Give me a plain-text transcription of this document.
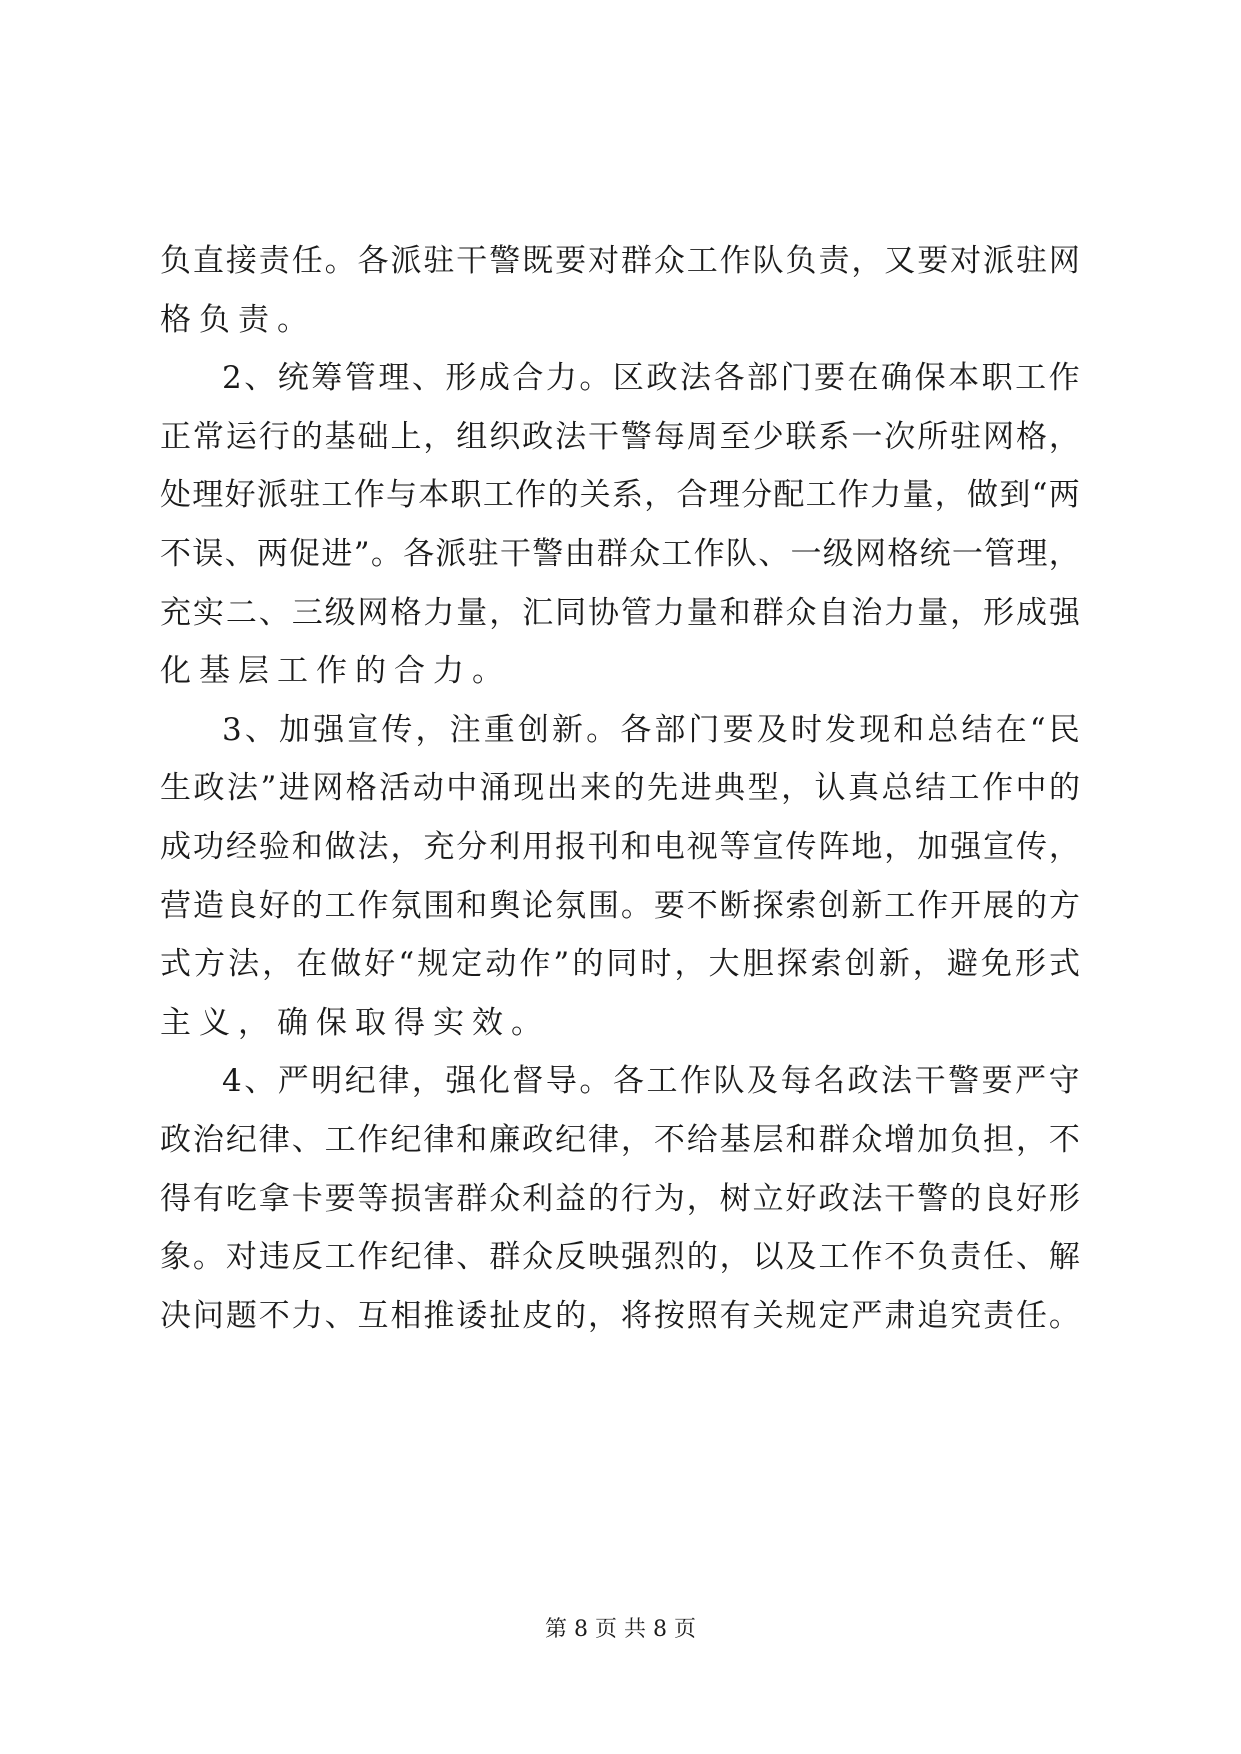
负 直 接 责 任 。 各 派 驻 干 警 既 要 对 群 众 工 作 队 负 责 ， 又 要 对 派 驻 网
格负责。
2 、 统 筹 管 理 、 形 成 合 力 。 区 政 法 各 部 门 要 在 确 保 本 职 工 作
正 常 运 行 的 基 础 上 ， 组 织 政 法 干 警 每 周 至 少 联 系 一 次 所 驻 网 格 ，
处 理 好 派 驻 工 作 与 本 职 工 作 的 关 系 ， 合 理 分 配 工 作 力 量 ， 做 到 “ 两
不 误 、 两 促 进 ” 。 各 派 驻 干 警 由 群 众 工 作 队 、 一 级 网 格 统 一 管 理 ，
充 实 二 、 三 级 网 格 力 量 ， 汇 同 协 管 力 量 和 群 众 自 治 力 量 ， 形 成 强
化基层工作的合力。
3 、 加 强 宣 传 ， 注 重 创 新 。 各 部 门 要 及 时 发 现 和 总 结 在 “ 民
生 政 法 ” 进 网 格 活 动 中 涌 现 出 来 的 先 进 典 型 ， 认 真 总 结 工 作 中 的
成 功 经 验 和 做 法 ， 充 分 利 用 报 刊 和 电 视 等 宣 传 阵 地 ， 加 强 宣 传 ，
营 造 良 好 的 工 作 氛 围 和 舆 论 氛 围 。 要 不 断 探 索 创 新 工 作 开 展 的 方
式 方 法 ， 在 做 好 “ 规 定 动 作 ” 的 同 时 ， 大 胆 探 索 创 新 ， 避 免 形 式
主义，确保取得实效。
4 、 严 明 纪 律 ， 强 化 督 导 。 各 工 作 队 及 每 名 政 法 干 警 要 严 守
政 治 纪 律 、 工 作 纪 律 和 廉 政 纪 律 ， 不 给 基 层 和 群 众 增 加 负 担 ， 不
得 有 吃 拿 卡 要 等 损 害 群 众 利 益 的 行 为 ， 树 立 好 政 法 干 警 的 良 好 形
象 。 对 违 反 工 作 纪 律 、 群 众 反 映 强 烈 的 ， 以 及 工 作 不 负 责 任 、 解
决 问 题 不 力 、 互 相 推 诿 扯 皮 的 ， 将 按 照 有 关 规 定 严 肃 追 究 责 任 。
第 8 页 共 8 页
